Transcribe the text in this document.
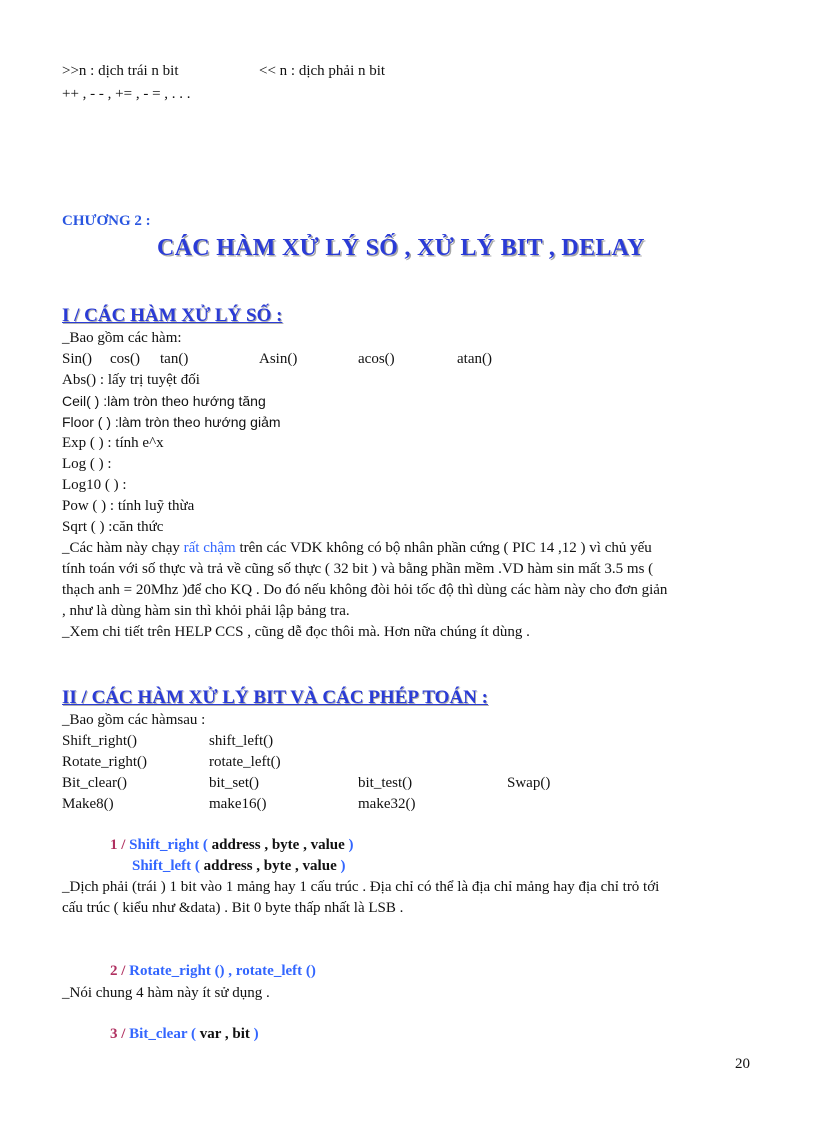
>>n : dịch trái n bit	<< n : dịch phải n bit
++ , - - , += , - = , . . .
CHƯƠNG 2 :
CÁC HÀM XỬ LÝ SỐ , XỬ LÝ BIT , DELAY
I / CÁC HÀM XỬ LÝ SỐ :
_Bao gồm các hàm:
Sin() cos() tan()	Asin()	acos()	atan()
Abs() : lấy trị tuyệt đối
Ceil( ) :làm tròn theo hướng tăng
Floor ( ) :làm tròn theo hướng giảm
Exp ( ) : tính e^x
Log ( ) :
Log10 ( ) :
Pow ( ) : tính luỹ thừa
Sqrt ( ) :căn thức
_Các hàm này chạy rất chậm trên các VDK không có bộ nhân phần cứng ( PIC 14 ,12 ) vì chủ yếu
tính toán với số thực và trả về cũng số thực ( 32 bit ) và bằng phần mềm .VD hàm sin mất 3.5 ms (
thạch anh = 20Mhz )để cho KQ . Do đó nếu không đòi hỏi tốc độ thì dùng các hàm này cho đơn giản
, như là dùng hàm sin thì khỏi phải lập bảng tra.
_Xem chi tiết trên HELP CCS , cũng dễ đọc thôi mà. Hơn nữa chúng ít dùng .
II / CÁC HÀM XỬ LÝ BIT VÀ CÁC PHÉP TOÁN :
_Bao gồm các hàmsau :
Shift_right()	shift_left()
Rotate_right()	rotate_left()
Bit_clear()	bit_set()	bit_test()	Swap()
Make8()	make16()	make32()
1 / Shift_right ( address , byte , value )
Shift_left ( address , byte , value )
_Dịch phải (trái ) 1 bit vào 1 mảng hay 1 cấu trúc . Địa chỉ có thể là địa chỉ mảng hay địa chỉ trỏ tới
cấu trúc ( kiểu như &data) . Bit 0 byte thấp nhất là LSB .
2 / Rotate_right () , rotate_left ()
_Nói chung 4 hàm này ít sử dụng .
3 / Bit_clear ( var , bit )
20
